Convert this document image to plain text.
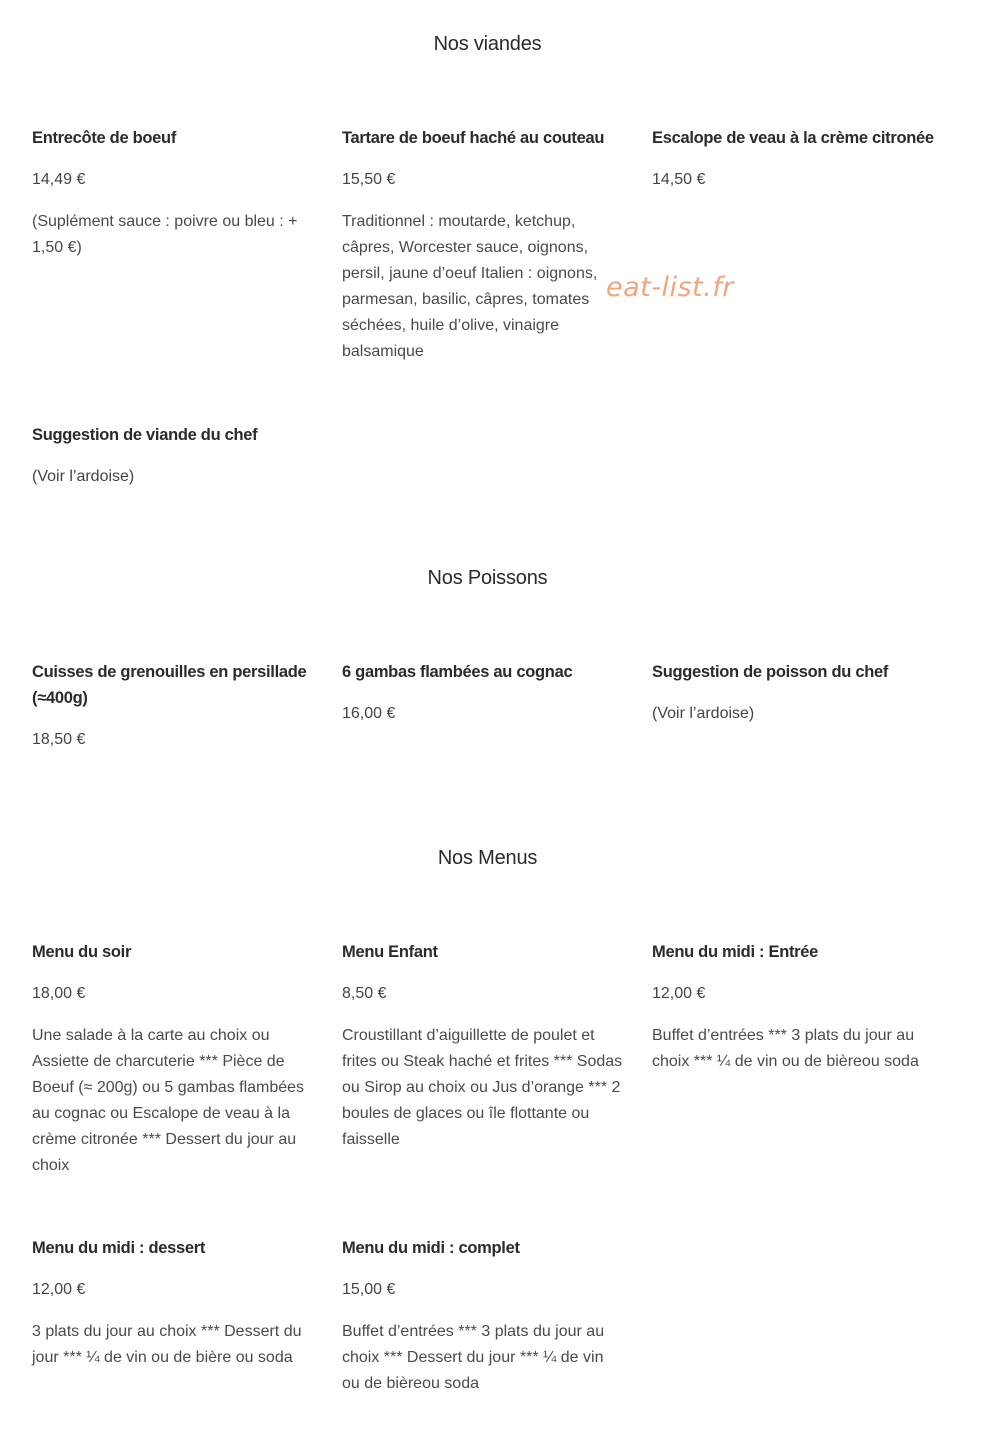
Nos viandes

Entrecôte de boeuf

14,49 €

(Suplément sauce : poivre ou bleu : + 1,50 €)

Tartare de boeuf haché au couteau

15,50 €

Traditionnel : moutarde, ketchup, câpres, Worcester sauce, oignons, persil, jaune d’oeuf Italien : oignons, parmesan, basilic, câpres, tomates séchées, huile d’olive, vinaigre balsamique

Escalope de veau à la crème citronée

14,50 €

Suggestion de viande du chef

(Voir l’ardoise)

Nos Poissons

Cuisses de grenouilles en persillade (≈400g)

18,50 €

6 gambas flambées au cognac

16,00 €

Suggestion de poisson du chef

(Voir l’ardoise)

Nos Menus

Menu du soir

18,00 €

Une salade à la carte au choix ou Assiette de charcuterie *** Pièce de Boeuf (≈ 200g) ou 5 gambas flambées au cognac ou Escalope de veau à la crème citronée *** Dessert du jour au choix

Menu Enfant

8,50 €

Croustillant d’aiguillette de poulet et frites ou Steak haché et frites *** Sodas ou Sirop au choix ou Jus d’orange *** 2 boules de glaces ou île flottante ou faisselle

Menu du midi : Entrée

12,00 €

Buffet d’entrées *** 3 plats du jour au choix *** ¼ de vin ou de bièreou soda

Menu du midi : dessert

12,00 €

3 plats du jour au choix *** Dessert du jour *** ¼ de vin ou de bière ou soda

Menu du midi : complet

15,00 €

Buffet d’entrées *** 3 plats du jour au choix *** Dessert du jour *** ¼ de vin ou de bièreou soda

eat-list.fr
